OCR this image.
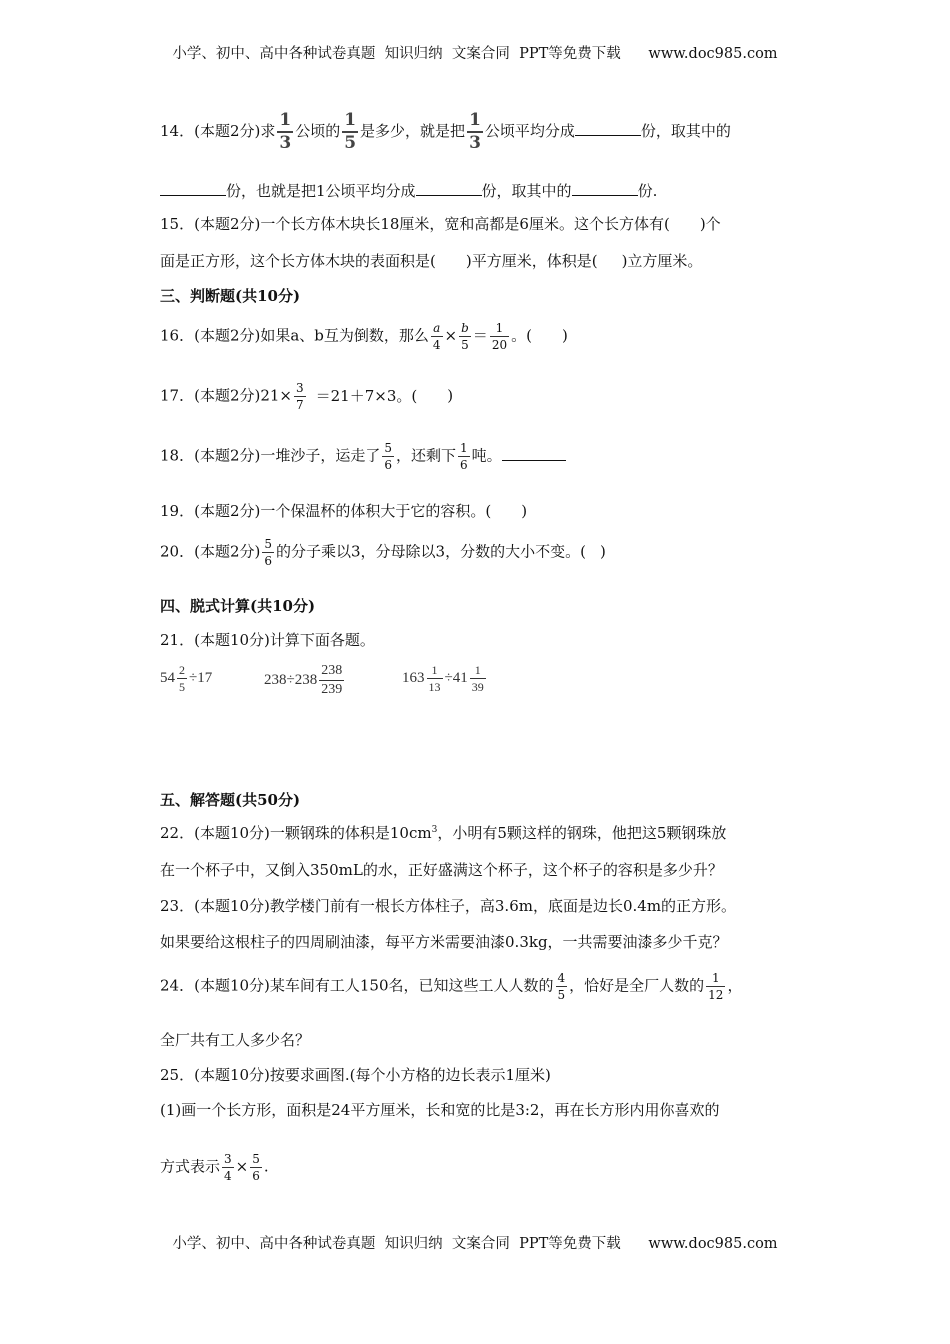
小学、初中、高中各种试卷真题  知识归纳  文案合同  PPT等免费下载      www.doc985.com
14．(本题2分)求 $\frac{1}{3}$ 公顷的 $\frac{1}{5}$ 是多少，就是把 $\frac{1}{3}$ 公顷平均分成	份，取其中的
份，也就是把1公顷平均分成	份，取其中的	份.
15．(本题2分)一个长方体木块长18厘米，宽和高都是6厘米。这个长方体有( )个
面是正方形，这个长方体木块的表面积是( )平方厘米，体积是( )立方厘米。
三、判断题(共10分)
16．(本题2分)如果a、b互为倒数，那么 $\frac{a}{4} \times \frac{b}{5} = \frac{1}{20}$ 。( )
17．(本题2分)$21\times \frac{3}{7} =21+7\times 3$。( )
18．(本题2分)一堆沙子，运走了 $\frac{5}{6}$ ，还剩下 $\frac{1}{6}$ 吨。
19．(本题2分)一个保温杯的体积大于它的容积。( )
20．(本题2分) $\frac{5}{6}$ 的分子乘以3，分母除以3，分数的大小不变。( )
四、脱式计算(共10分)
21．(本题10分)计算下面各题。
$54 \frac{2}{5} \div 17$	$238\div 238 \frac{238}{239}$	$163 \frac{1}{13} \div 41 \frac{1}{39}$
五、解答题(共50分)
22．(本题10分)一颗钢珠的体积是$10cm^3$，小明有5颗这样的钢珠，他把这5颗钢珠放
在一个杯子中，又倒入350mL的水，正好盛满这个杯子，这个杯子的容积是多少升？
23．(本题10分)教学楼门前有一根长方体柱子，高3.6m，底面是边长0.4m的正方形。
如果要给这根柱子的四周刷油漆，每平方米需要油漆0.3kg，一共需要油漆多少千克？
24．(本题10分)某车间有工人150名，已知这些工人人数的 $\frac{4}{5}$ ，恰好是全厂人数的 $\frac{1}{12}$ ，
全厂共有工人多少名？
25．(本题10分)按要求画图.(每个小方格的边长表示1厘米)
(1)画一个长方形，面积是24平方厘米，长和宽的比是3:2，再在长方形内用你喜欢的
方式表示 $\frac{3}{4} \times \frac{5}{6}$ .
小学、初中、高中各种试卷真题  知识归纳  文案合同  PPT等免费下载      www.doc985.com
